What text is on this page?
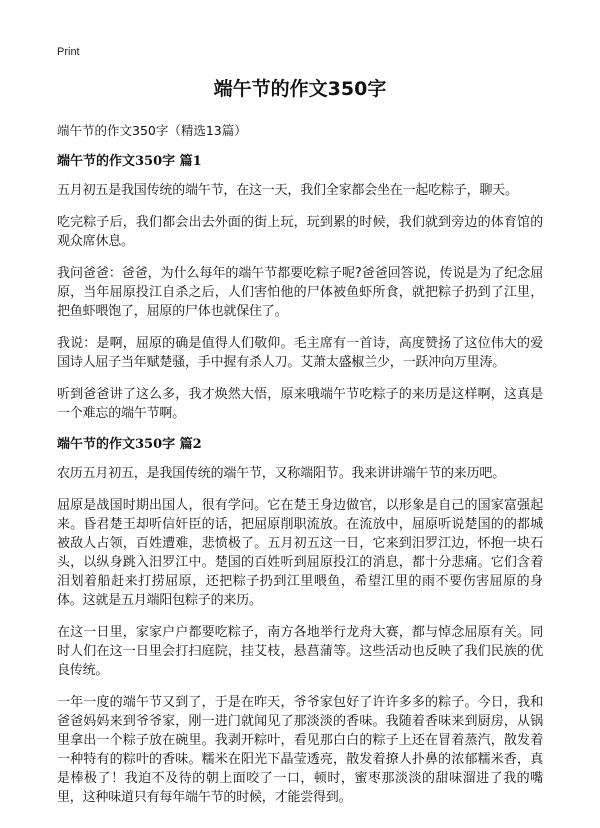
Print
端午节的作文350字

端午节的作文350字（精选13篇）

端午节的作文350字 篇1

五月初五是我国传统的端午节，在这一天，我们全家都会坐在一起吃粽子，聊天。

吃完粽子后，我们都会出去外面的街上玩，玩到累的时候，我们就到旁边的体育馆的观众席休息。

我问爸爸：爸爸，为什么每年的端午节都要吃粽子呢?爸爸回答说，传说是为了纪念屈原，当年屈原投江自杀之后，人们害怕他的尸体被鱼虾所食，就把粽子扔到了江里，把鱼虾喂饱了，屈原的尸体也就保住了。

我说：是啊，屈原的确是值得人们敬仰。毛主席有一首诗，高度赞扬了这位伟大的爱国诗人屈子当年赋楚骚，手中握有杀人刀。艾萧太盛椒兰少，一跃冲向万里涛。

听到爸爸讲了这么多，我才焕然大悟，原来哦端午节吃粽子的来历是这样啊，这真是一个难忘的端午节啊。

端午节的作文350字 篇2

农历五月初五，是我国传统的端午节，又称端阳节。我来讲讲端午节的来历吧。

屈原是战国时期出国人，很有学问。它在楚王身边做官，以形象是自己的国家富强起来。昏君楚王却听信奸臣的话，把屈原削职流放。在流放中，屈原听说楚国的的都城被敌人占领，百姓遭难，悲愤极了。五月初五这一日，它来到汨罗江边，怀抱一块石头，以纵身跳入汨罗江中。楚国的百姓听到屈原投江的消息，都十分悲痛。它们含着泪划着船赶来打捞屈原，还把粽子扔到江里喂鱼，希望江里的雨不要伤害屈原的身体。这就是五月端阳包粽子的来历。

在这一日里，家家户户都要吃粽子，南方各地举行龙舟大赛，都与悼念屈原有关。同时人们在这一日里会打扫庭院，挂艾枝，悬菖蒲等。这些活动也反映了我们民族的优良传统。

一年一度的端午节又到了，于是在昨天，爷爷家包好了许许多多的粽子。今日，我和爸爸妈妈来到爷爷家，刚一进门就闻见了那淡淡的香味。我随着香味来到厨房，从锅里拿出一个粽子放在碗里。我剥开粽叶，看见那白白的粽子上还在冒着蒸汽，散发着一种特有的粽叶的香味。糯米在阳光下晶莹透亮，散发着撩人扑鼻的浓郁糯米香，真是棒极了！我迫不及待的朝上面咬了一口，顿时，蜜枣那淡淡的甜味溜进了我的嘴里，这种味道只有每年端午节的时候，才能尝得到。
